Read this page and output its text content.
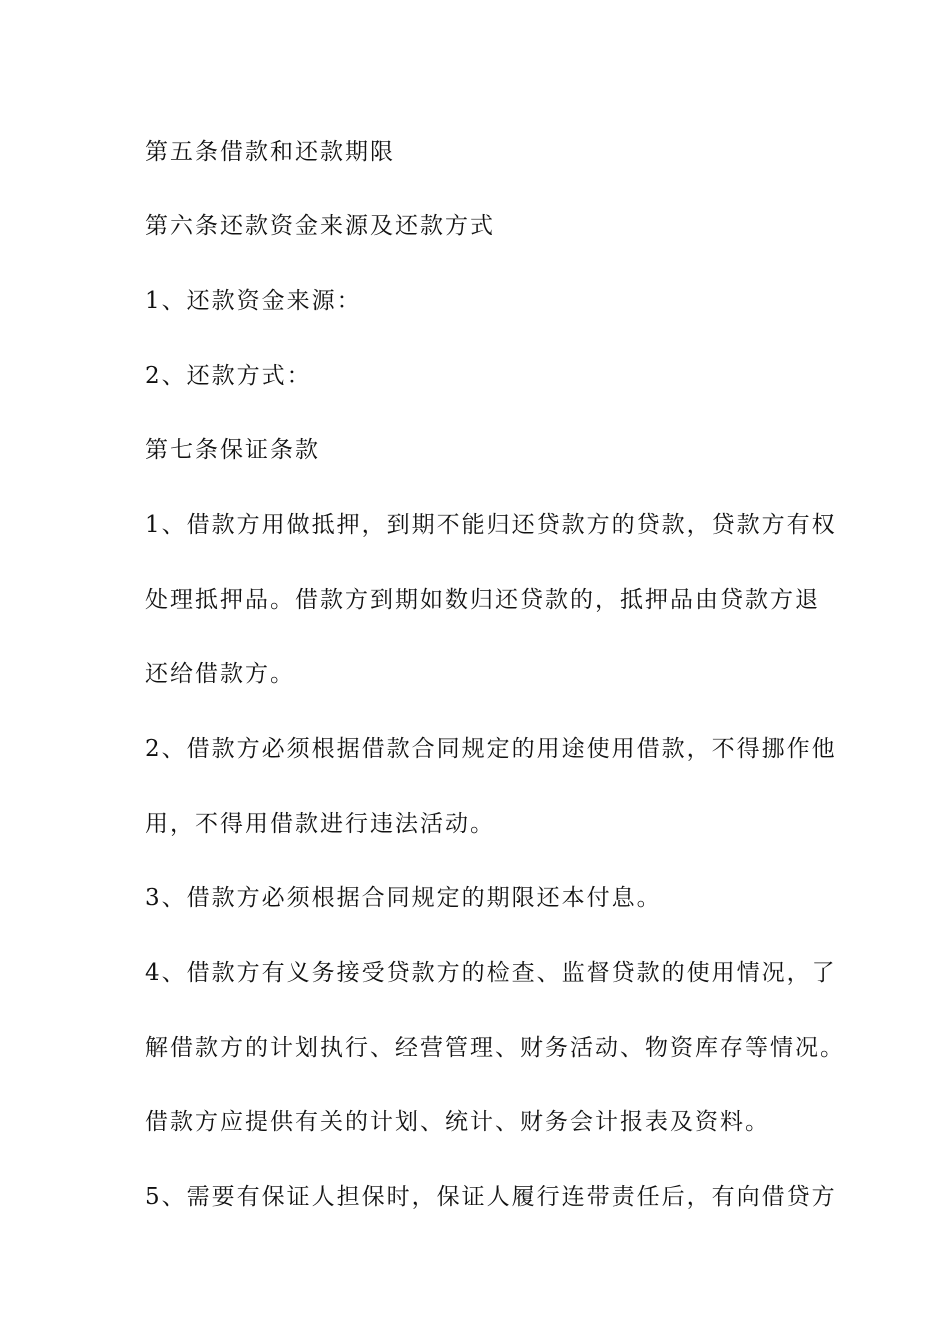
第五条借款和还款期限
第六条还款资金来源及还款方式
1、还款资金来源：
2、还款方式：
第七条保证条款
1、借款方用做抵押，到期不能归还贷款方的贷款，贷款方有权
处理抵押品。借款方到期如数归还贷款的，抵押品由贷款方退
还给借款方。
2、借款方必须根据借款合同规定的用途使用借款，不得挪作他
用，不得用借款进行违法活动。
3、借款方必须根据合同规定的期限还本付息。
4、借款方有义务接受贷款方的检查、监督贷款的使用情况，了
解借款方的计划执行、经营管理、财务活动、物资库存等情况。
借款方应提供有关的计划、统计、财务会计报表及资料。
5、需要有保证人担保时，保证人履行连带责任后，有向借贷方
